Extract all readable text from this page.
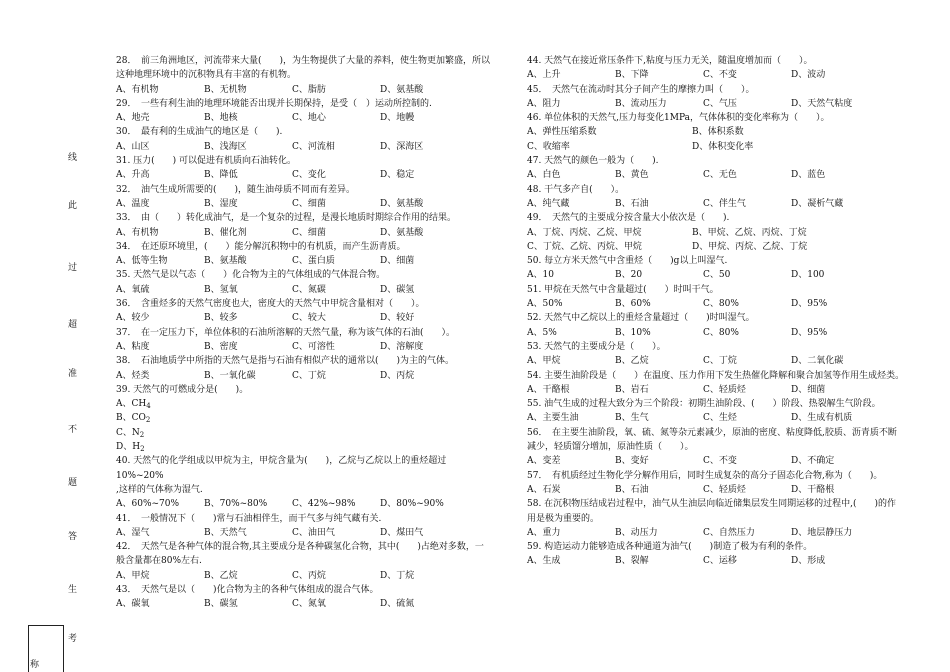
线
此
过
超
准
不
题
答
生
考
称
28．　前三角洲地区，河流带来大量(　　)，为生物提供了大量的养料，使生物更加繁盛，所以这种地理环境中的沉积物具有丰富的有机物。
A、有机物	B、无机物	C、脂肪	D、氨基酸
29．　一些有利生油的地理环境能否出现并长期保持，是受（　）运动所控制的.
A、地壳	B、地核	C、地心	D、地幔
30．　最有利的生成油气的地区是（　　).
A、山区	B、浅海区	C、河流相	D、深海区
31. 压力(　　) 可以促进有机质向石油转化。
A、升高	B、降低	C、变化	D、稳定
32．　油气生成所需要的(　　)，随生油母质不同而有差异。
A、温度	B、湿度	C、细菌	D、氨基酸
33．　由（　　）转化成油气，是一个复杂的过程，是漫长地质时期综合作用的结果。
A、有机物	B、催化剂	C、细菌	D、氨基酸
34．　在还原环境里，(　　）能分解沉积物中的有机质，而产生沥青质。
A、低等生物	B、氨基酸	C、蛋白质	D、细菌
35. 天然气是以气态（　　）化合物为主的气体组成的气体混合物。
A、氧硫	B、氢氧	C、氮碳	D、碳氢
36．　含重烃多的天然气密度也大，密度大的天然气中甲烷含量相对（　　）。
A、较少	B、较多	C、较大	D、较好
37．　在一定压力下，单位体积的石油所溶解的天然气量，称为该气体的石油(　　）。
A、粘度	B、密度	C、可溶性	D、溶解度
38．　石油地质学中所指的天然气是指与石油有相似产状的通常以(　　)为主的气体。
A、烃类	B、一氧化碳	C、丁烷	D、丙烷
39. 天然气的可燃成分是(　　)。
A、$CH_4$
B、$CO_2$
C、$N_2$
D、$H_2$
40. 天然气的化学组成以甲烷为主，甲烷含量为(　　)，乙烷与乙烷以上的重烃超过10%~20%
,这样的气体称为湿气.
A、60%~70%	B、70%~80%	C、42%~98%	D、80%~90%
41．　一般情况下（　　)常与石油相伴生，而干气多与纯气藏有关.
A、湿气	B、天然气	C、油田气	D、煤田气
42．　天然气是各种气体的混合物,其主要成分是各种碳氢化合物，其中(　　)占绝对多数，一般含量都在80%左右.
A、甲烷	B、乙烷	C、丙烷	D、丁烷
43．　天然气是以（　　)化合物为主的各种气体组成的混合气体。
A、碳氧	B、碳氢	C、氮氧	D、硫氮
44. 天然气在接近常压条件下,粘度与压力无关，随温度增加而（　　）。
A、上升	B、下降	C、不变	D、波动
45．　天然气在流动时其分子间产生的摩擦力叫（　　）。
A、阻力	B、流动压力	C、气压	D、天然气粘度
46. 单位体积的天然气,压力每变化1MPa，气体体积的变化率称为（　　）。
A、弹性压缩系数	B、体积系数
C、收缩率	D、体积变化率
47. 天然气的颜色一般为（　　).
A、白色	B、黄色	C、无色	D、蓝色
48. 干气多产自(　　）。
A、纯气藏	B、石油	C、伴生气	D、凝析气藏
49．　天然气的主要成分按含量大小依次是（　　).
A、丁烷、丙烷、乙烷、甲烷	B、甲烷、乙烷、丙烷、丁烷
C、丁烷、乙烷、丙烷、甲烷	D、甲烷、丙烷、乙烷、丁烷
50. 每立方米天然气中含重烃（　　)g以上叫湿气.
A、10	B、20	C、50	D、100
51. 甲烷在天然气中含量超过(　　）时叫干气。
A、50%	B、60%	C、80%	D、95%
52. 天然气中乙烷以上的重烃含量超过（　　)时叫湿气。
A、5%	B、10%	C、80%	D、95%
53. 天然气的主要成分是（　　）。
A、甲烷	B、乙烷	C、丁烷	D、二氧化碳
54. 主要生油阶段是（　　）在温度、压力作用下发生热催化降解和聚合加氢等作用生成烃类。
A、干酪根	B、岩石	C、轻质烃	D、细菌
55. 油气生成的过程大致分为三个阶段：初期生油阶段、(　　）阶段、热裂解生气阶段。
A、主要生油	B、生气	C、生烃	D、生成有机质
56．　在主要生油阶段，氧、硫、氮等杂元素减少，原油的密度、粘度降低,胶质、沥青质不断减少，轻质馏分增加，原油性质（　　）。
A、变差	B、变好	C、不变	D、不确定
57．　有机质经过生物化学分解作用后，同时生成复杂的高分子固态化合物,称为（　　)。
A、石炭	B、石油	C、轻质烃	D、干酪根
58. 在沉积物压结成岩过程中，油气从生油层向临近储集层发生同期运移的过程中,(　　)的作用是极为重要的。
A、重力	B、动压力	C、自然压力	D、地层静压力
59. 构造运动力能够造成各种通道为油气(　　)制造了极为有利的条件。
A、生成	B、裂解	C、运移	D、形成
